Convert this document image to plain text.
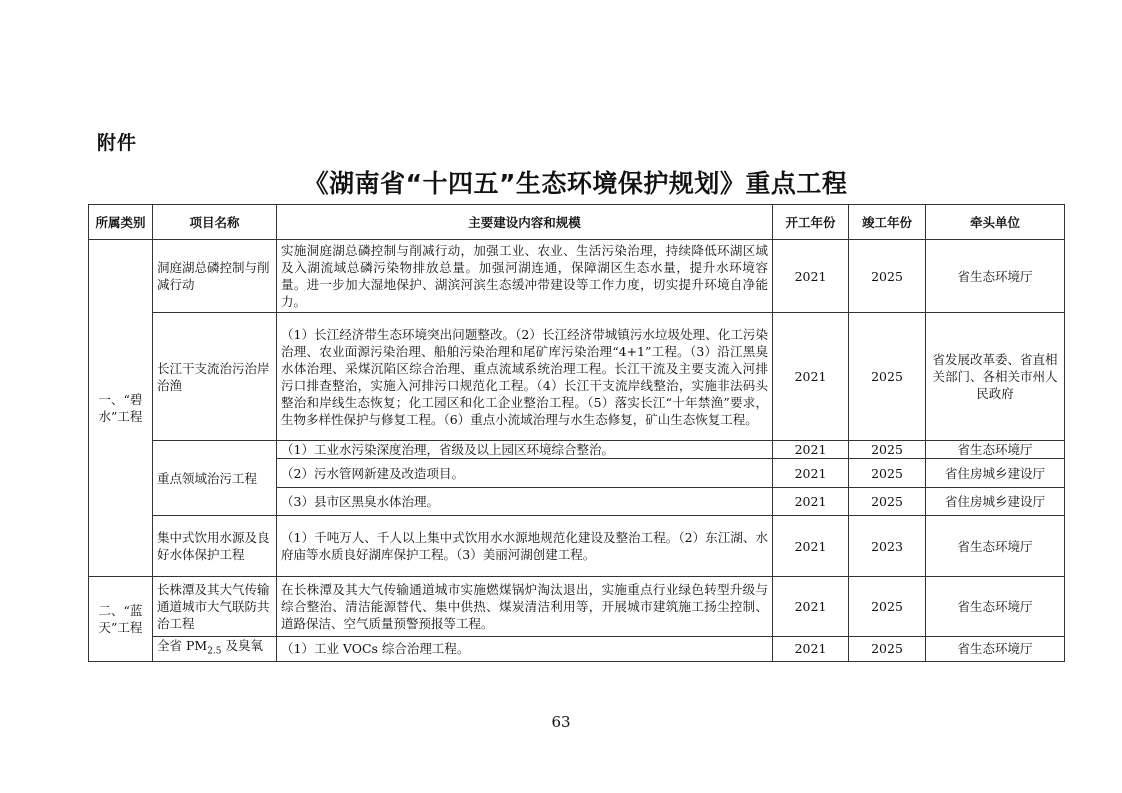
附件
《湖南省“十四五”生态环境保护规划》重点工程
所属类别	项目名称	主要建设内容和规模	开工年份	竣工年份	牵头单位
一、“碧水”工程	洞庭湖总磷控制与削减行动	实施洞庭湖总磷控制与削减行动，加强工业、农业、生活污染治理，持续降低环湖区域及入湖流域总磷污染物排放总量。加强河湖连通，保障湖区生态水量，提升水环境容量。进一步加大湿地保护、湖滨河滨生态缓冲带建设等工作力度，切实提升环境自净能力。	2021	2025	省生态环境厅
	长江干支流治污治岸治渔	（1）长江经济带生态环境突出问题整改。（2）长江经济带城镇污水垃圾处理、化工污染治理、农业面源污染治理、船舶污染治理和尾矿库污染治理“4+1”工程。（3）沿江黑臭水体治理、采煤沉陷区综合治理、重点流域系统治理工程。长江干流及主要支流入河排污口排查整治，实施入河排污口规范化工程。（4）长江干支流岸线整治，实施非法码头整治和岸线生态恢复；化工园区和化工企业整治工程。（5）落实长江“十年禁渔”要求，生物多样性保护与修复工程。（6）重点小流域治理与水生态修复，矿山生态恢复工程。	2021	2025	省发展改革委、省直相关部门、各相关市州人民政府
	重点领域治污工程	（1）工业水污染深度治理，省级及以上园区环境综合整治。	2021	2025	省生态环境厅
		（2）污水管网新建及改造项目。	2021	2025	省住房城乡建设厅
		（3）县市区黑臭水体治理。	2021	2025	省住房城乡建设厅
	集中式饮用水源及良好水体保护工程	（1）千吨万人、千人以上集中式饮用水水源地规范化建设及整治工程。（2）东江湖、水府庙等水质良好湖库保护工程。（3）美丽河湖创建工程。	2021	2023	省生态环境厅
二、“蓝天”工程	长株潭及其大气传输通道城市大气联防共治工程	在长株潭及其大气传输通道城市实施燃煤锅炉淘汰退出，实施重点行业绿色转型升级与综合整治、清洁能源替代、集中供热、煤炭清洁利用等，开展城市建筑施工扬尘控制、道路保洁、空气质量预警预报等工程。	2021	2025	省生态环境厅
	全省 $PM_{2.5}$ 及臭氧	（1）工业 VOCs 综合治理工程。	2021	2025	省生态环境厅
63
